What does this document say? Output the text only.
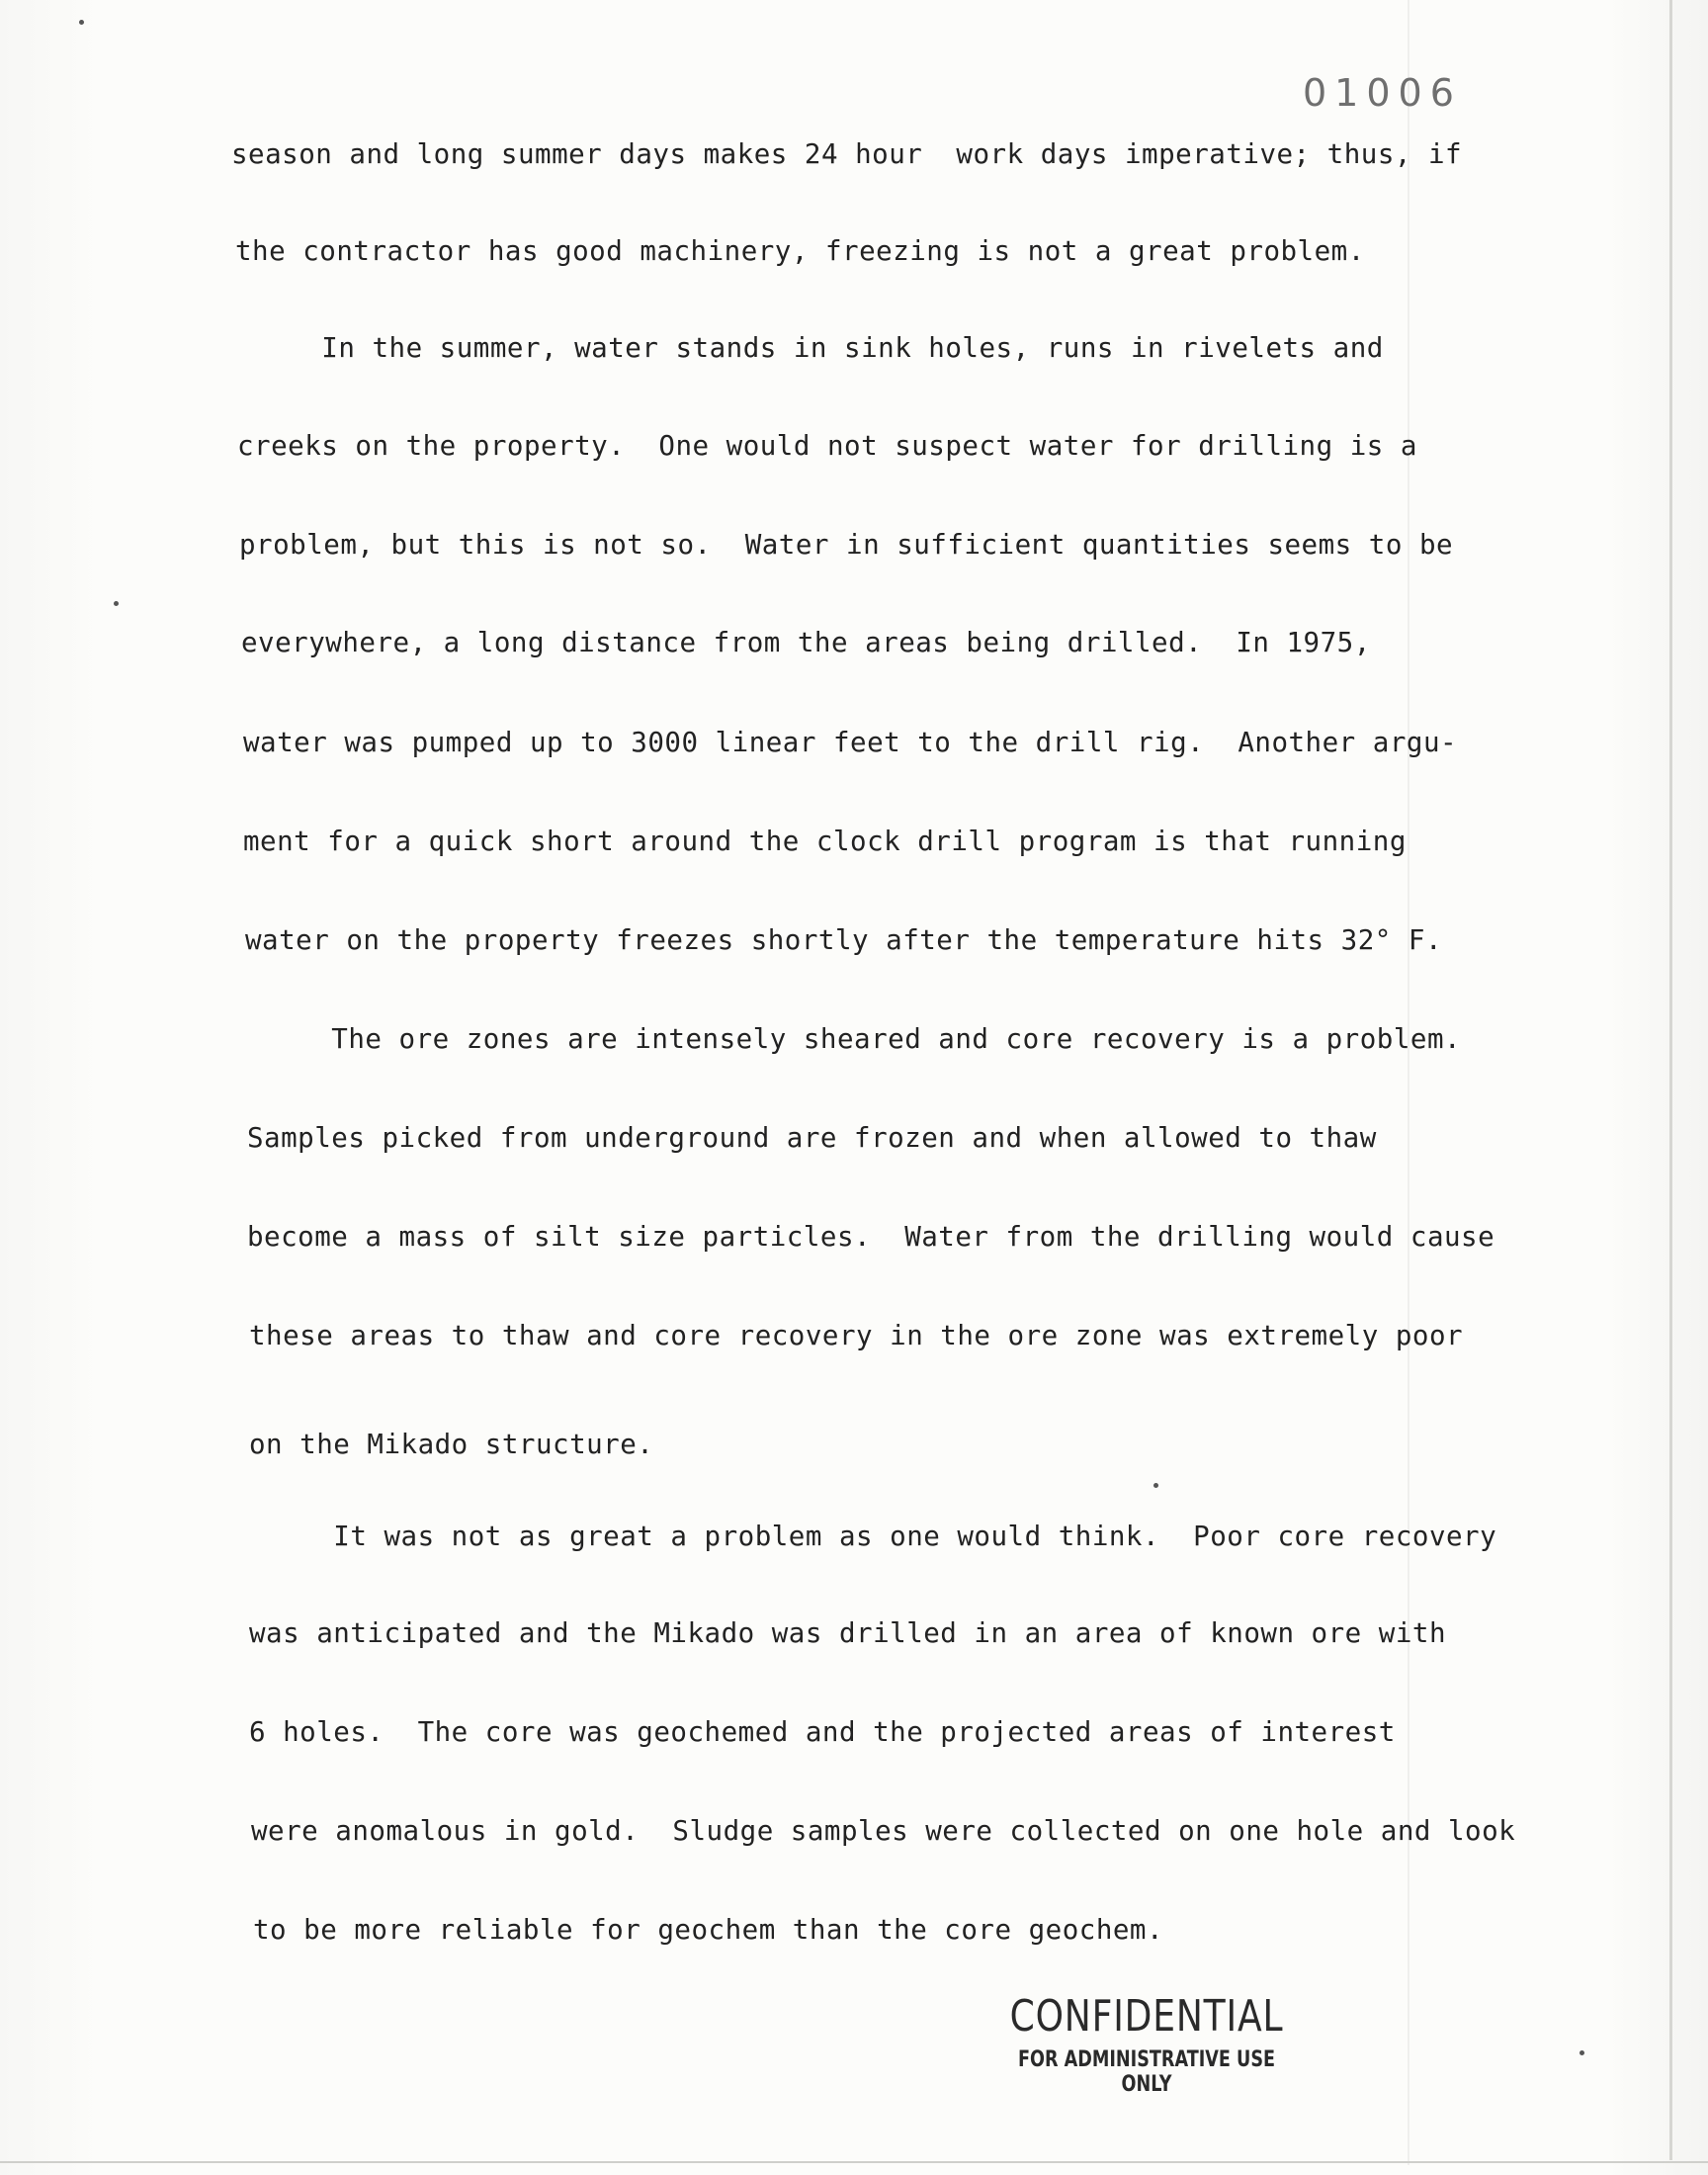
01006
season and long summer days makes 24 hour  work days imperative; thus, if
the contractor has good machinery, freezing is not a great problem.
In the summer, water stands in sink holes, runs in rivelets and
creeks on the property.  One would not suspect water for drilling is a
problem, but this is not so.  Water in sufficient quantities seems to be
everywhere, a long distance from the areas being drilled.  In 1975,
water was pumped up to 3000 linear feet to the drill rig.  Another argu-
ment for a quick short around the clock drill program is that running
water on the property freezes shortly after the temperature hits 32° F.
The ore zones are intensely sheared and core recovery is a problem.
Samples picked from underground are frozen and when allowed to thaw
become a mass of silt size particles.  Water from the drilling would cause
these areas to thaw and core recovery in the ore zone was extremely poor
on the Mikado structure.
It was not as great a problem as one would think.  Poor core recovery
was anticipated and the Mikado was drilled in an area of known ore with
6 holes.  The core was geochemed and the projected areas of interest
were anomalous in gold.  Sludge samples were collected on one hole and look
to be more reliable for geochem than the core geochem.
CONFIDENTIAL
FOR ADMINISTRATIVE USE ONLY
